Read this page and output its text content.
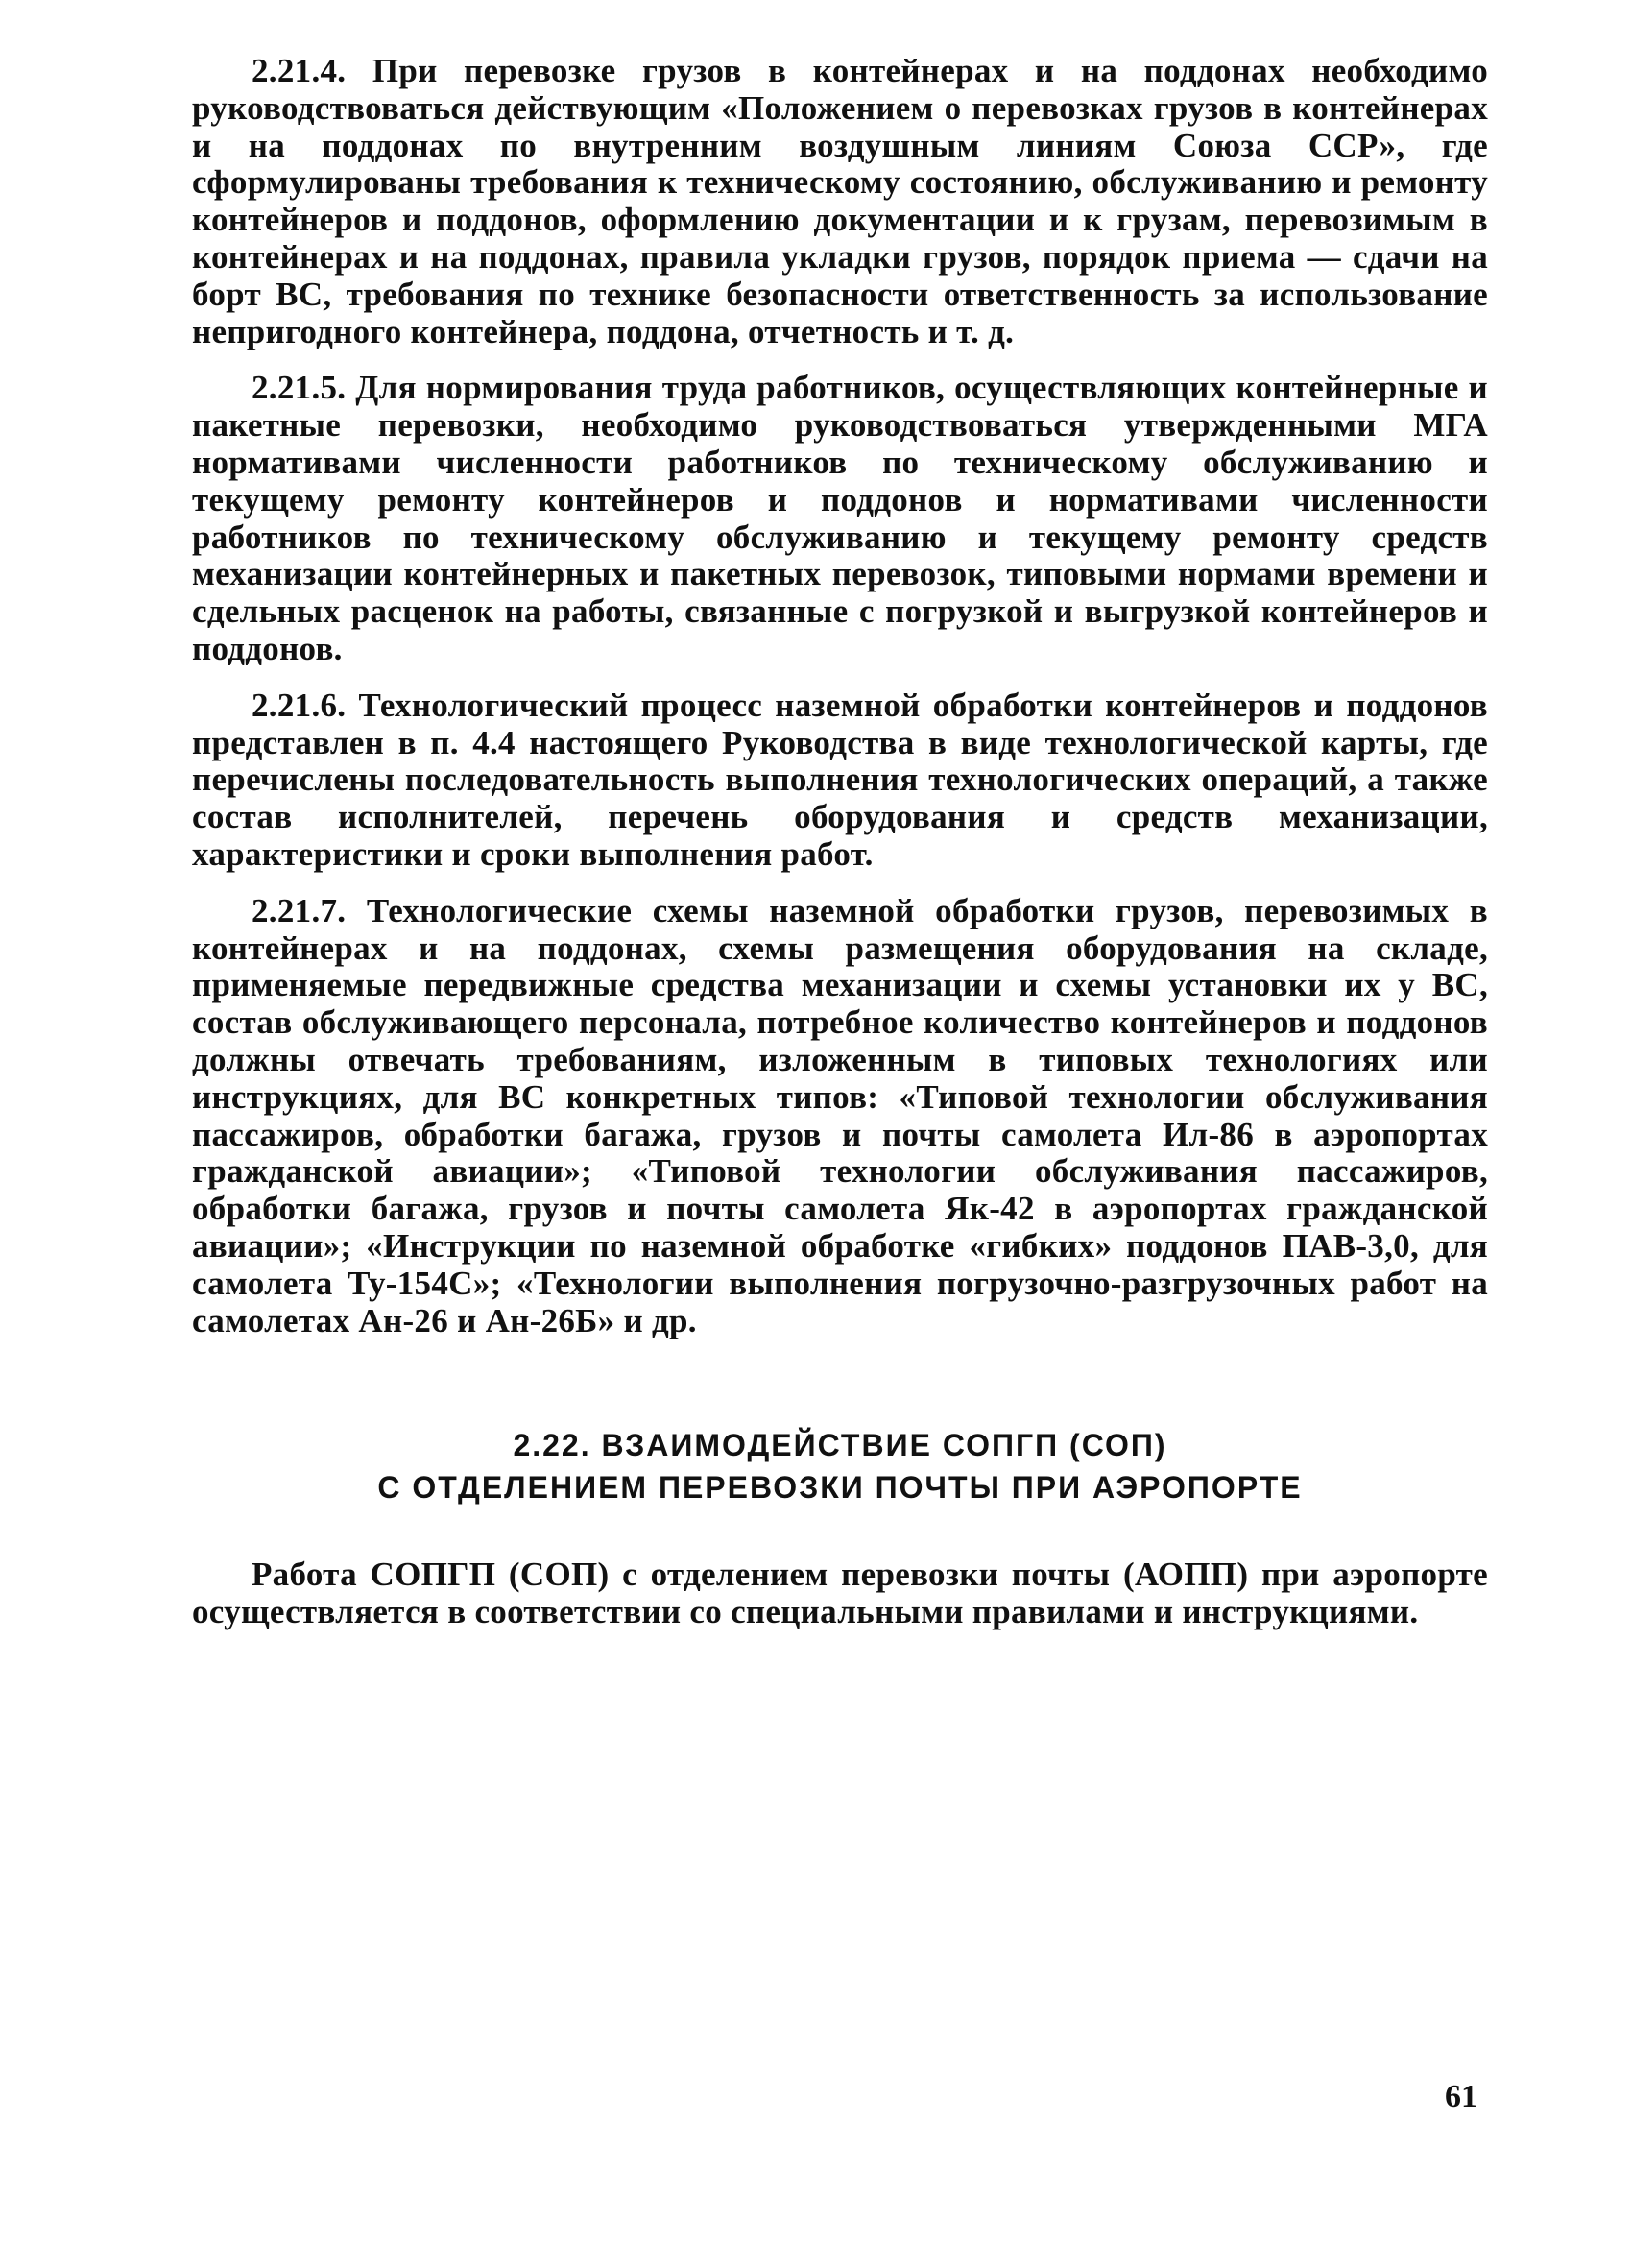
2.21.4. При перевозке грузов в контейнерах и на поддонах необходимо руководствоваться действующим «Положением о перевозках грузов в контейнерах и на поддонах по внутренним воздушным линиям Союза ССР», где сформулированы требования к техническому состоянию, обслуживанию и ремонту контейнеров и поддонов, оформлению документации и к грузам, перевозимым в контейнерах и на поддонах, правила укладки грузов, порядок приема — сдачи на борт ВС, требования по технике безопасности ответственность за использование непригодного контейнера, поддона, отчетность и т. д.

2.21.5. Для нормирования труда работников, осуществляющих контейнерные и пакетные перевозки, необходимо руководствоваться утвержденными МГА нормативами численности работников по техническому обслуживанию и текущему ремонту контейнеров и поддонов и нормативами численности работников по техническому обслуживанию и текущему ремонту средств механизации контейнерных и пакетных перевозок, типовыми нормами времени и сдельных расценок на работы, связанные с погрузкой и выгрузкой контейнеров и поддонов.

2.21.6. Технологический процесс наземной обработки контейнеров и поддонов представлен в п. 4.4 настоящего Руководства в виде технологической карты, где перечислены последовательность выполнения технологических операций, а также состав исполнителей, перечень оборудования и средств механизации, характеристики и сроки выполнения работ.

2.21.7. Технологические схемы наземной обработки грузов, перевозимых в контейнерах и на поддонах, схемы размещения оборудования на складе, применяемые передвижные средства механизации и схемы установки их у ВС, состав обслуживающего персонала, потребное количество контейнеров и поддонов должны отвечать требованиям, изложенным в типовых технологиях или инструкциях, для ВС конкретных типов: «Типовой технологии обслуживания пассажиров, обработки багажа, грузов и почты самолета Ил-86 в аэропортах гражданской авиации»; «Типовой технологии обслуживания пассажиров, обработки багажа, грузов и почты самолета Як-42 в аэропортах гражданской авиации»; «Инструкции по наземной обработке «гибких» поддонов ПАВ-3,0, для самолета Ту-154С»; «Технологии выполнения погрузочно-разгрузочных работ на самолетах Ан-26 и Ан-26Б» и др.

2.22. ВЗАИМОДЕЙСТВИЕ СОПГП (СОП)
С ОТДЕЛЕНИЕМ ПЕРЕВОЗКИ ПОЧТЫ ПРИ АЭРОПОРТЕ

Работа СОПГП (СОП) с отделением перевозки почты (АОПП) при аэропорте осуществляется в соответствии со специальными правилами и инструкциями.

61
